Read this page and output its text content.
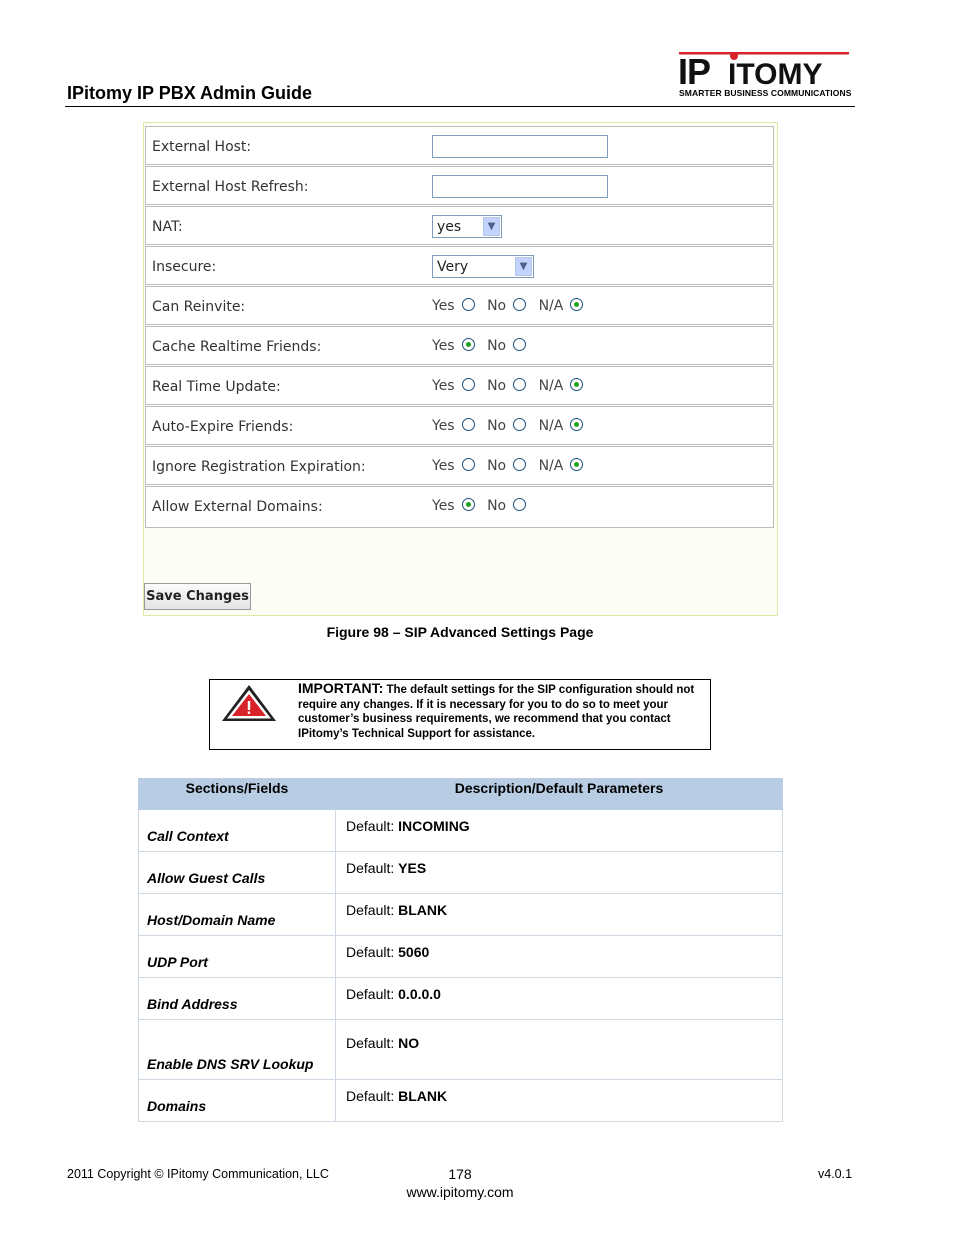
IPitomy IP PBX Admin Guide
IP ITOMY
SMARTER BUSINESS COMMUNICATIONS
External Host:
External Host Refresh:
NAT:	yes	▼
Insecure:	Very	▼
Can Reinvite:	Yes No N/A
Cache Realtime Friends:	Yes No
Real Time Update:	Yes No N/A
Auto-Expire Friends:	Yes No N/A
Ignore Registration Expiration:	Yes No N/A
Allow External Domains:	Yes No
Save Changes
Figure 98 – SIP Advanced Settings Page
IMPORTANT: The default settings for the SIP configuration should not require any changes. If it is necessary for you to do so to meet your customer’s business requirements, we recommend that you contact IPitomy’s Technical Support for assistance.
Sections/Fields	Description/Default Parameters
Call Context	Default: INCOMING
Allow Guest Calls	Default: YES
Host/Domain Name	Default: BLANK
UDP Port	Default: 5060
Bind Address	Default: 0.0.0.0
Enable DNS SRV Lookup	Default: NO
Domains	Default: BLANK
2011 Copyright © IPitomy Communication, LLC	178
www.ipitomy.com
v4.0.1
